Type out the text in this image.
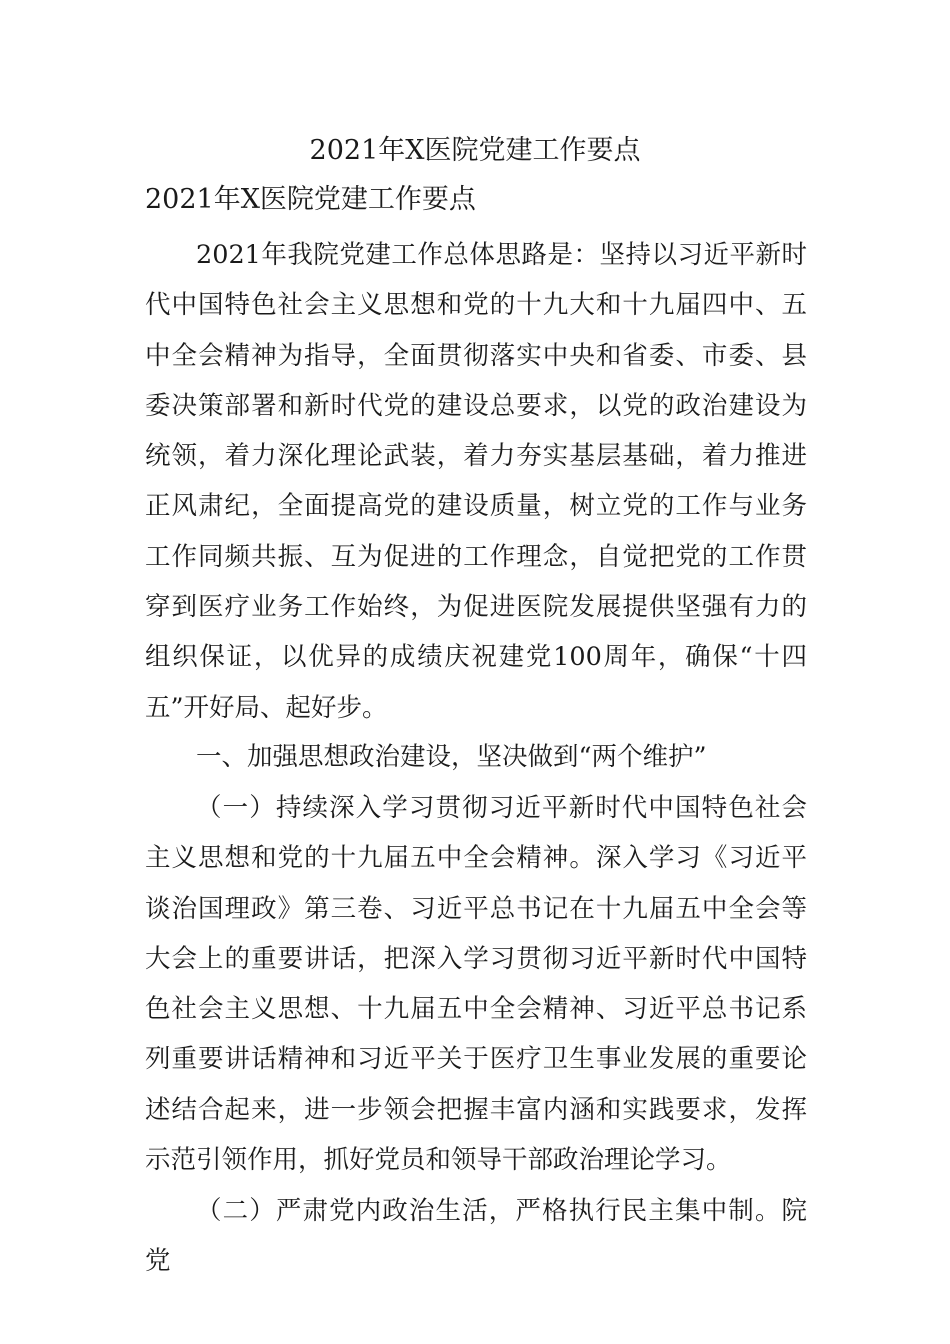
2021年X医院党建工作要点
2021年X医院党建工作要点

2021年我院党建工作总体思路是：坚持以习近平新时代中国特色社会主义思想和党的十九大和十九届四中、五中全会精神为指导，全面贯彻落实中央和省委、市委、县委决策部署和新时代党的建设总要求，以党的政治建设为统领，着力深化理论武装，着力夯实基层基础，着力推进正风肃纪，全面提高党的建设质量，树立党的工作与业务工作同频共振、互为促进的工作理念，自觉把党的工作贯穿到医疗业务工作始终，为促进医院发展提供坚强有力的组织保证，以优异的成绩庆祝建党100周年，确保“十四五”开好局、起好步。

一、加强思想政治建设，坚决做到“两个维护”

（一）持续深入学习贯彻习近平新时代中国特色社会主义思想和党的十九届五中全会精神。深入学习《习近平谈治国理政》第三卷、习近平总书记在十九届五中全会等大会上的重要讲话，把深入学习贯彻习近平新时代中国特色社会主义思想、十九届五中全会精神、习近平总书记系列重要讲话精神和习近平关于医疗卫生事业发展的重要论述结合起来，进一步领会把握丰富内涵和实践要求，发挥示范引领作用，抓好党员和领导干部政治理论学习。

（二）严肃党内政治生活，严格执行民主集中制。院党
